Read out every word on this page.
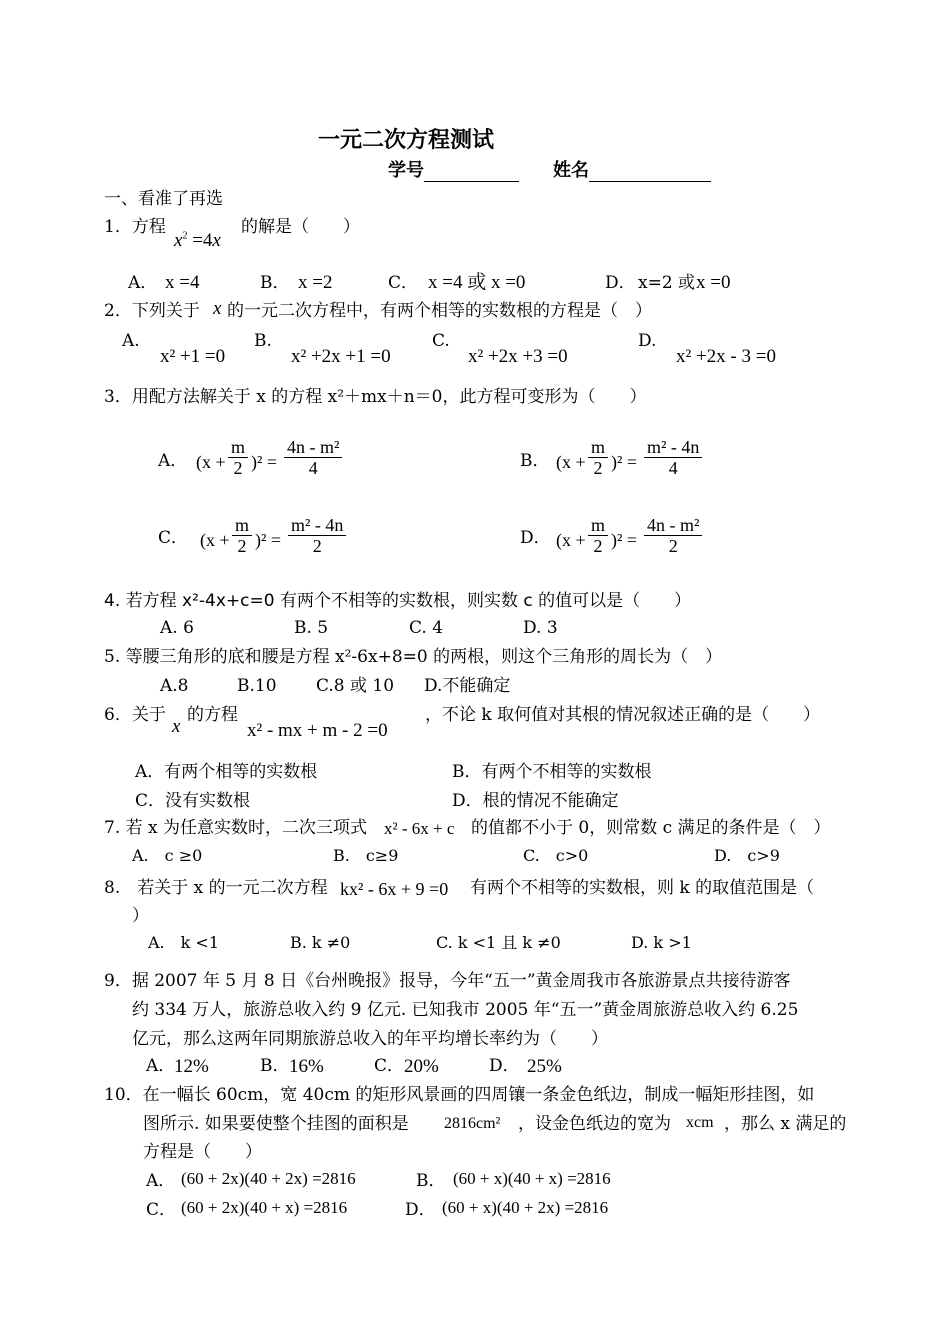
一元二次方程测试
学号	姓名
一、看准了再选
1．方程
$x^2 =4x$
的解是（　　）
A． x =4	B． x =2	C． x =4 或 x =0	D． x=2 或 x =0
2．下列关于 x 的一元二次方程中，有两个相等的实数根的方程是（　）
A.
x² +1 =0
B.
x² +2x +1 =0
C.
x² +2x +3 =0
D.
x² +2x - 3 =0
3．用配方法解关于 x 的方程 x²＋mx＋n＝0，此方程可变形为（　　）
A． $(x + \frac{m}{2} )^2 = \frac{\text{4n - m²}}{4}$	B． $(x + \frac{m}{2} )^2 = \frac{\text{m² - 4n}}{4}$
C． $(x + \frac{m}{2} )^2 = \frac{\text{m² - 4n}}{2}$	D． $(x + \frac{m}{2} )^2 = \frac{\text{4n - m²}}{2}$
4. 若方程 x²-4x+c=0 有两个不相等的实数根，则实数 c 的值可以是（　　）
A. 6	B. 5	C. 4	D. 3
5. 等腰三角形的底和腰是方程 x²-6x+8=0 的两根，则这个三角形的周长为（　）
A.8	B.10 C.8 或 10 D.不能确定
6．关于
x
的方程
x² - mx + m - 2 =0
，不论 k 取何值对其根的情况叙述正确的是（　　）
A．有两个相等的实数根	B．有两个不相等的实数根
C．没有实数根	D．根的情况不能确定
7. 若 x 为任意实数时，二次三项式 x² - 6x + c 的值都不小于 0，则常数 c 满足的条件是（　）
A.　c ≥0	B.　c≥9	C.　c>0	D.　c>9
8.　若关于 x 的一元二次方程 kx² - 6x + 9 =0 有两个不相等的实数根，则 k 的取值范围是（
）
A.　k <1	B. k ≠0	C. k <1 且 k ≠0	D. k >1
9．据 2007 年 5 月 8 日《台州晚报》报导，今年“五一”黄金周我市各旅游景点共接待游客
约 334 万人，旅游总收入约 9 亿元. 已知我市 2005 年“五一”黄金周旅游总收入约 6.25
亿元，那么这两年同期旅游总收入的年平均增长率约为（　　）
A．
12%	B． 16%	C． 20%	D． 25%
10．在一幅长 60cm，宽 40cm 的矩形风景画的四周镶一条金色纸边，制成一幅矩形挂图，如
图所示. 如果要使整个挂图的面积是 2816cm² ，设金色纸边的宽为 xcm ，那么 x 满足的
方程是（　　）
A． (60 + 2x)(40 + 2x) =2816	B． (60 + x)(40 + x) =2816
C． (60 + 2x)(40 + x) =2816	D． (60 + x)(40 + 2x) =2816
